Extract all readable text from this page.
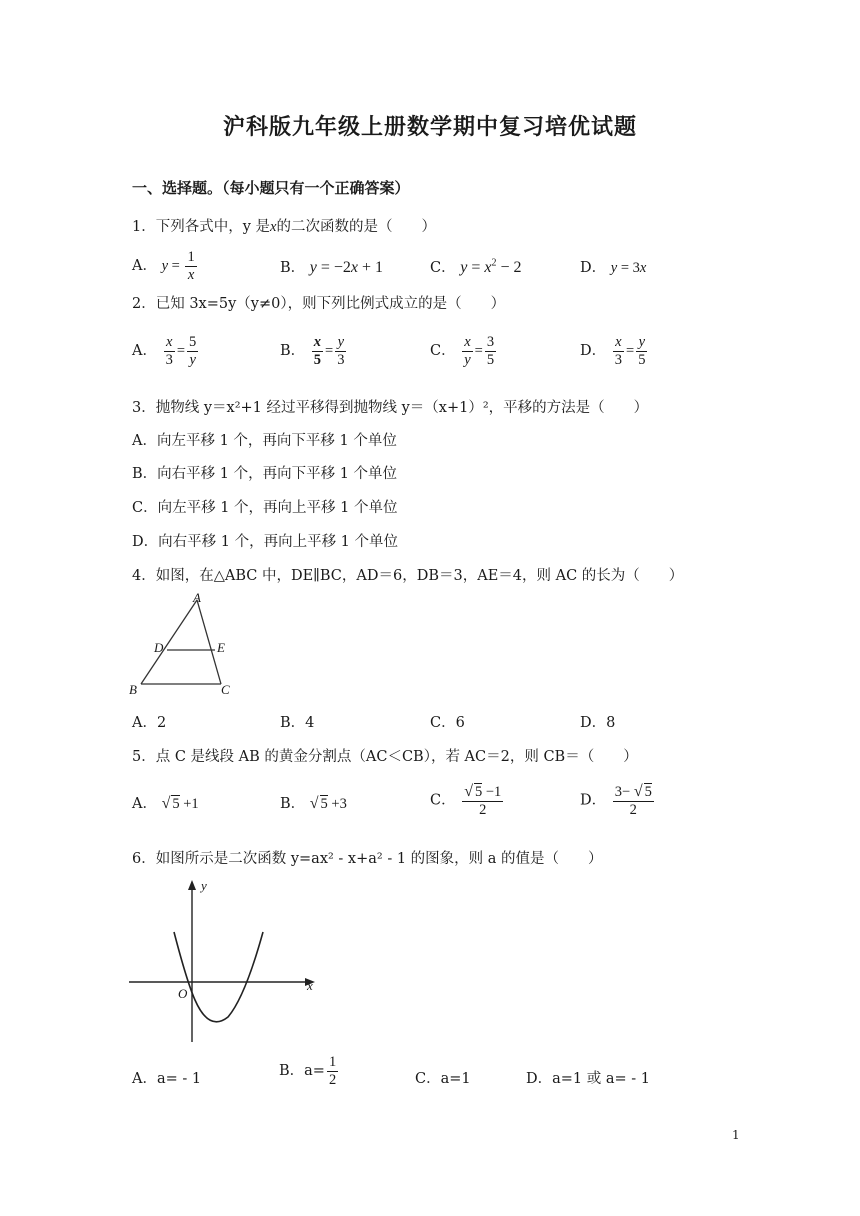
沪科版九年级上册数学期中复习培优试题
一、选择题。（每小题只有一个正确答案）
1．下列各式中，y 是x的二次函数的是（　　）
A． $y = \frac{1}{x}$	B． y = −2x + 1	C． $y = x^2 - 2$	D． y = 3x
2．已知 3x=5y（y≠0），则下列比例式成立的是（　　）
A． $\frac{x}{3} = \frac{5}{y}$	B． $\frac{x}{5} = \frac{y}{3}$	C． $\frac{x}{y} = \frac{3}{5}$	D． $\frac{x}{3} = \frac{y}{5}$
3．抛物线 y＝x²+1 经过平移得到抛物线 y＝（x+1）²，平移的方法是（　　）
A．向左平移 1 个，再向下平移 1 个单位
B．向右平移 1 个，再向下平移 1 个单位
C．向左平移 1 个，再向上平移 1 个单位
D．向右平移 1 个，再向上平移 1 个单位
4．如图，在△ABC 中，DE∥BC，AD＝6，DB＝3，AE＝4，则 AC 的长为（　　）
A
D	E
B	C
A．2	B．4	C．6	D．8
5．点 C 是线段 AB 的黄金分割点（AC＜CB），若 AC＝2，则 CB＝（　　）
A． √ 5 +1	B． √ 5 +3	C． $\frac{√ 5 -1}{2}$	D． $\frac{3- √ 5}{2}$
6．如图所示是二次函数 y=ax² - x+a² - 1 的图象，则 a 的值是（　　）
y
x
O
A．a= - 1
B．$a= \frac{1}{2}$	C．a=1	D．a=1 或 a= - 1
1
